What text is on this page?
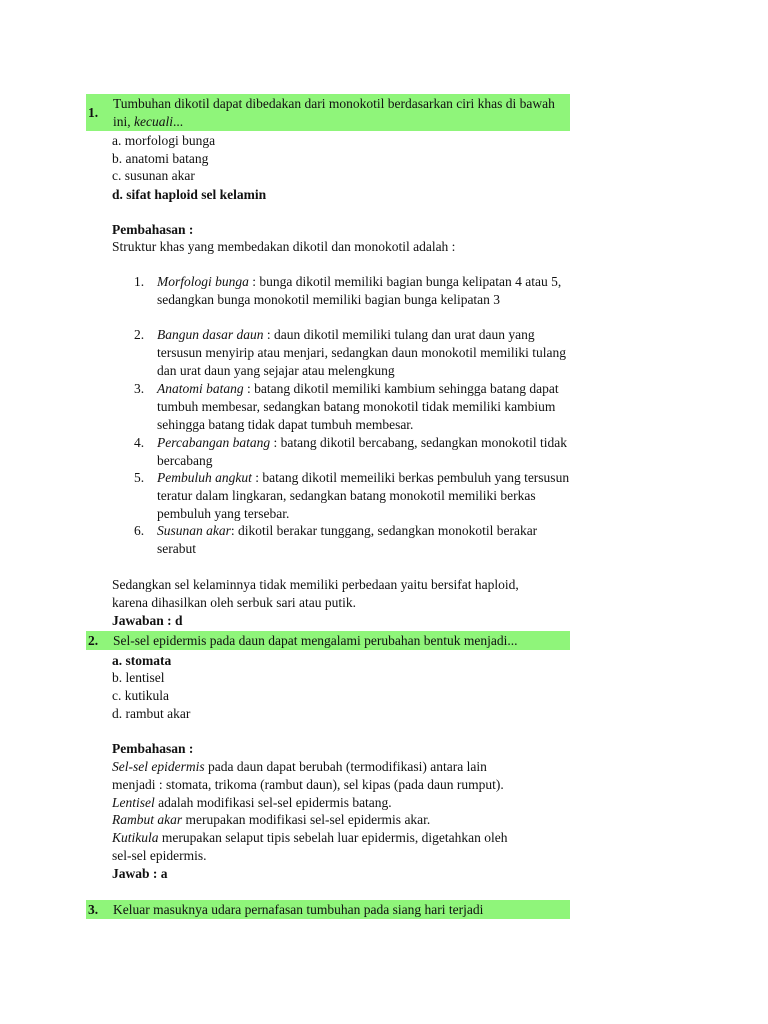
1.
Tumbuhan dikotil dapat dibedakan dari monokotil berdasarkan ciri khas di bawah ini, kecuali...
a. morfologi bunga
b. anatomi batang
c. susunan akar
d. sifat haploid sel kelamin
Pembahasan :
Struktur khas yang membedakan dikotil dan monokotil adalah :
1. Morfologi bunga : bunga dikotil memiliki bagian bunga kelipatan 4 atau 5, sedangkan bunga monokotil memiliki bagian bunga kelipatan 3
2. Bangun dasar daun : daun dikotil memiliki tulang dan urat daun yang tersusun menyirip atau menjari, sedangkan daun monokotil memiliki tulang dan urat daun yang sejajar atau melengkung
3. Anatomi batang : batang dikotil memiliki kambium sehingga batang dapat tumbuh membesar, sedangkan batang monokotil tidak memiliki kambium sehingga batang tidak dapat tumbuh membesar.
4. Percabangan batang : batang dikotil bercabang, sedangkan monokotil tidak bercabang
5. Pembuluh angkut : batang dikotil memeiliki berkas pembuluh yang tersusun teratur dalam lingkaran, sedangkan batang monokotil memiliki berkas pembuluh yang tersebar.
6. Susunan akar: dikotil berakar tunggang, sedangkan monokotil berakar serabut
Sedangkan sel kelaminnya tidak memiliki perbedaan yaitu bersifat haploid,
karena dihasilkan oleh serbuk sari atau putik.
Jawaban : d
2. Sel-sel epidermis pada daun dapat mengalami perubahan bentuk menjadi...
a. stomata
b. lentisel
c. kutikula
d. rambut akar
Pembahasan :
Sel-sel epidermis pada daun dapat berubah (termodifikasi) antara lain
menjadi : stomata, trikoma (rambut daun), sel kipas (pada daun rumput).
Lentisel adalah modifikasi sel-sel epidermis batang.
Rambut akar merupakan modifikasi sel-sel epidermis akar.
Kutikula merupakan selaput tipis sebelah luar epidermis, digetahkan oleh
sel-sel epidermis.
Jawab : a
3. Keluar masuknya udara pernafasan tumbuhan pada siang hari terjadi
